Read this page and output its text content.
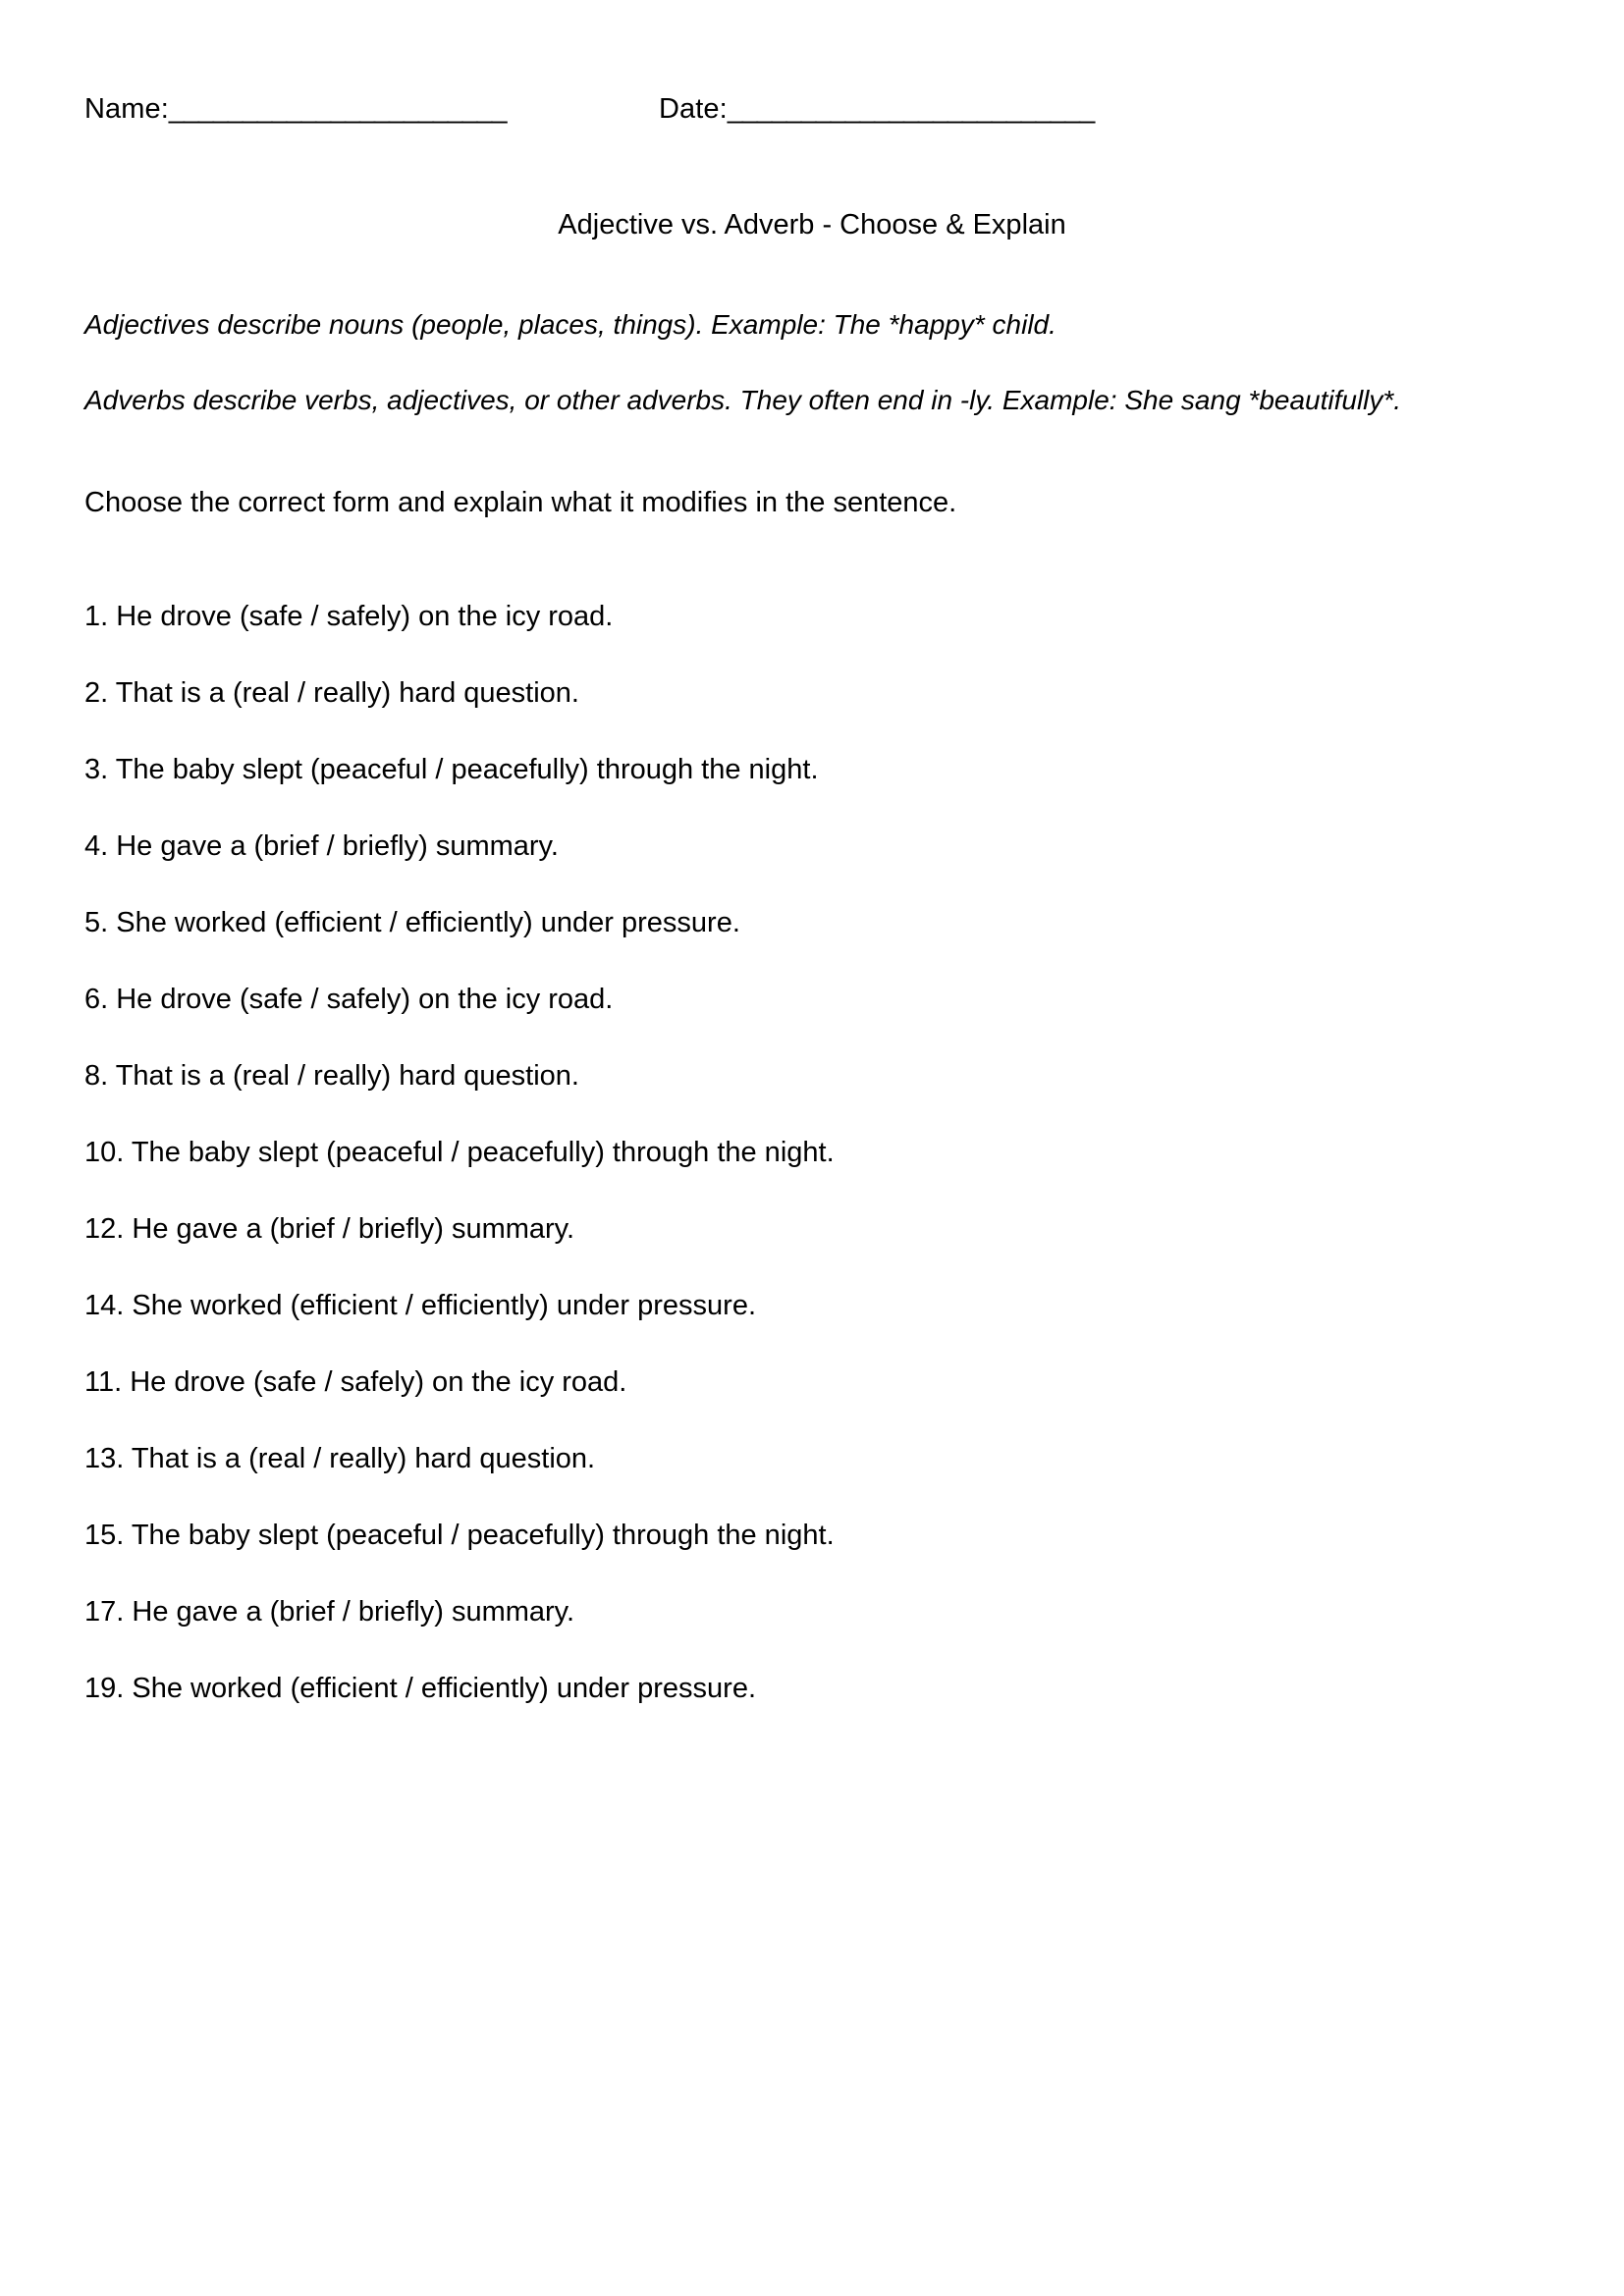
Name:_______________________	Date:_________________________
Adjective vs. Adverb - Choose & Explain

Adjectives describe nouns (people, places, things). Example: The *happy* child.

Adverbs describe verbs, adjectives, or other adverbs. They often end in -ly. Example: She sang *beautifully*.

Choose the correct form and explain what it modifies in the sentence.

1. He drove (safe / safely) on the icy road.

2. That is a (real / really) hard question.

3. The baby slept (peaceful / peacefully) through the night.

4. He gave a (brief / briefly) summary.

5. She worked (efficient / efficiently) under pressure.

6. He drove (safe / safely) on the icy road.

8. That is a (real / really) hard question.

10. The baby slept (peaceful / peacefully) through the night.

12. He gave a (brief / briefly) summary.

14. She worked (efficient / efficiently) under pressure.

11. He drove (safe / safely) on the icy road.

13. That is a (real / really) hard question.

15. The baby slept (peaceful / peacefully) through the night.

17. He gave a (brief / briefly) summary.

19. She worked (efficient / efficiently) under pressure.
